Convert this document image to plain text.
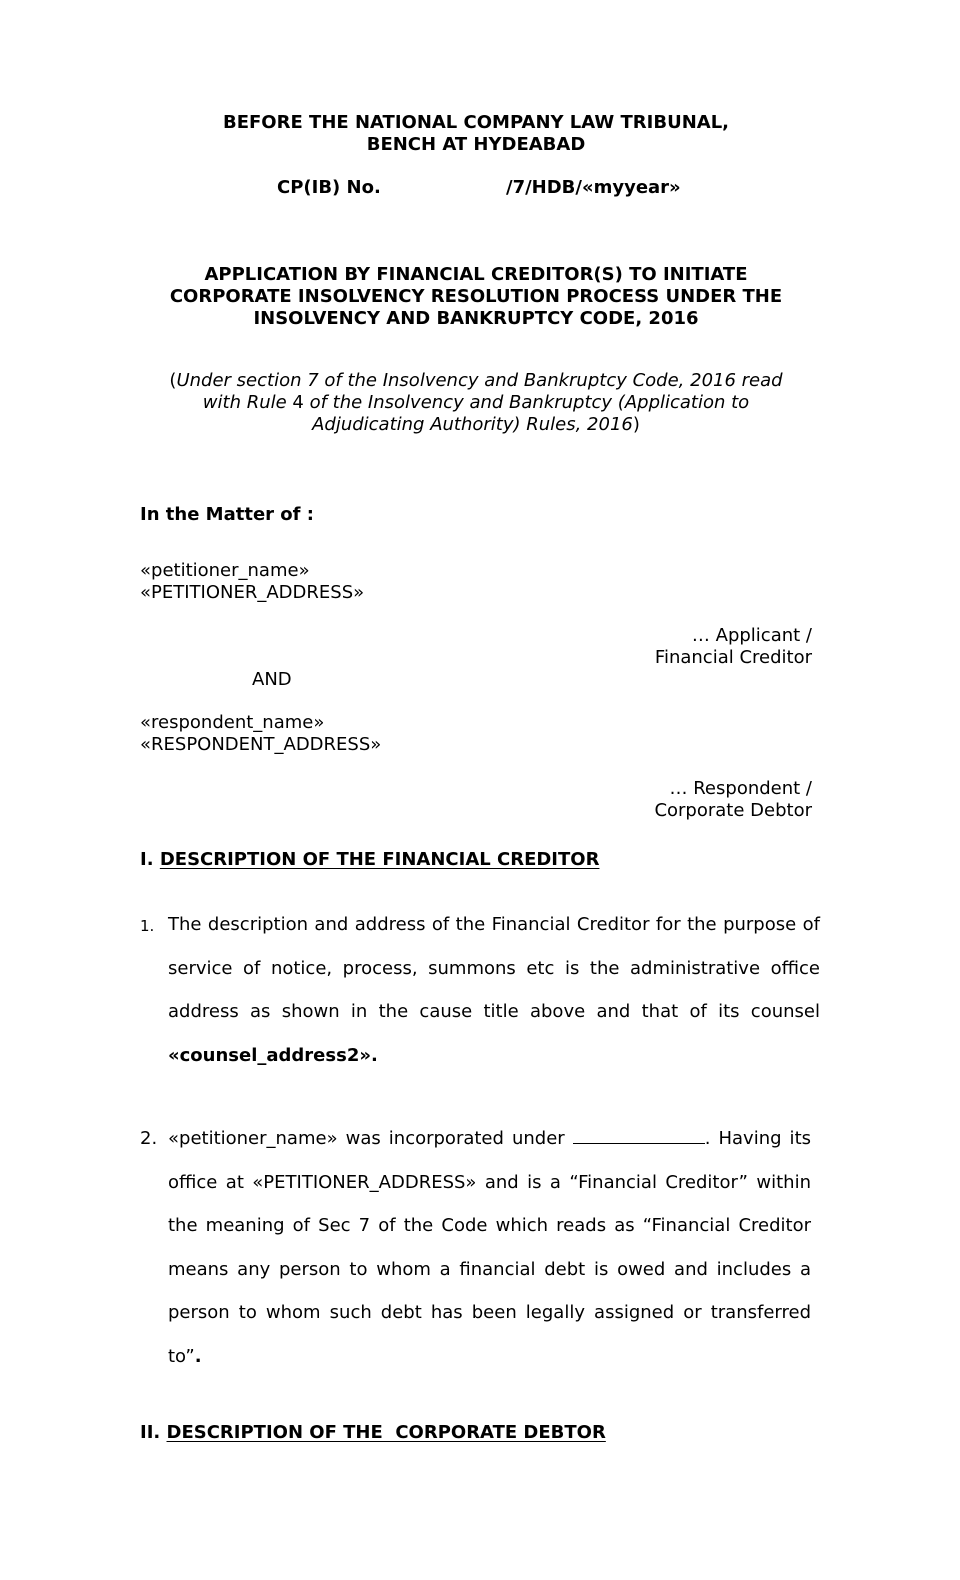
BEFORE THE NATIONAL COMPANY LAW TRIBUNAL,
BENCH AT HYDEABAD
CP(IB) No.	/7/HDB/«myyear»
APPLICATION BY FINANCIAL CREDITOR(S) TO INITIATE
CORPORATE INSOLVENCY RESOLUTION PROCESS UNDER THE
INSOLVENCY AND BANKRUPTCY CODE, 2016
(Under section 7 of the Insolvency and Bankruptcy Code, 2016 read
with Rule 4 of the Insolvency and Bankruptcy (Application to
Adjudicating Authority) Rules, 2016)
In the Matter of :
«petitioner_name»
«PETITIONER_ADDRESS»
… Applicant /
Financial Creditor
AND
«respondent_name»
«RESPONDENT_ADDRESS»
… Respondent /
Corporate Debtor
I. DESCRIPTION OF THE FINANCIAL CREDITOR
1. The description and address of the Financial Creditor for the purpose of service of notice, process, summons etc is the administrative office address as shown in the cause title above and that of its counsel «counsel_address2».
2. «petitioner_name» was incorporated under	. Having its office at «PETITIONER_ADDRESS» and is a “Financial Creditor” within the meaning of Sec 7 of the Code which reads as “Financial Creditor means any person to whom a financial debt is owed and includes a person to whom such debt has been legally assigned or transferred to”.
II. DESCRIPTION OF THE  CORPORATE DEBTOR
